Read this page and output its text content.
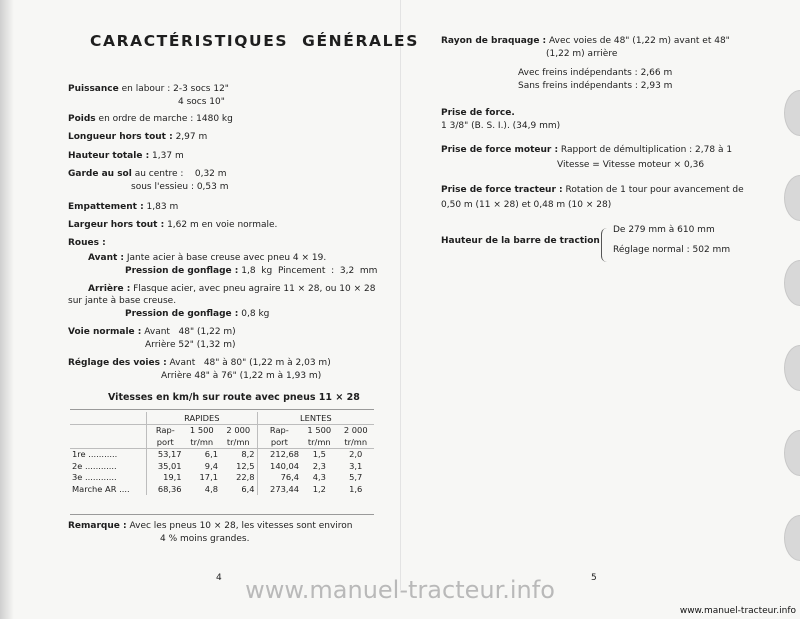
CARACTÉRISTIQUES GÉNÉRALES
Puissance en labour : 2-3 socs 12"
4 socs 10"
Poids en ordre de marche : 1480 kg
Longueur hors tout : 2,97 m
Hauteur totale : 1,37 m
Garde au sol au centre :    0,32 m
sous l'essieu : 0,53 m
Empattement : 1,83 m
Largeur hors tout : 1,62 m en voie normale.
Roues :
Avant : Jante acier à base creuse avec pneu 4 × 19.
Pression de gonflage : 1,8  kg  Pincement  :  3,2  mm
Arrière : Flasque acier, avec pneu agraire 11 × 28, ou 10 × 28
sur jante à base creuse.
Pression de gonflage : 0,8 kg
Voie normale : Avant   48" (1,22 m)
Arrière 52" (1,32 m)
Réglage des voies : Avant   48" à 80" (1,22 m à 2,03 m)
Arrière 48" à 76" (1,22 m à 1,93 m)
Vitesses en km/h sur route avec pneus 11 × 28
	RAPIDES			LENTES		
	Rap-	1 500	2 000	Rap-	1 500	2 000
	port	tr/mn	tr/mn	port	tr/mn	tr/mn
1re ...........	53,17	6,1	8,2	212,68	1,5	2,0
2e ............	35,01	9,4	12,5	140,04	2,3	3,1
3e ............	19,1	17,1	22,8	76,4	4,3	5,7
Marche AR ....	68,36	4,8	6,4	273,44	1,2	1,6
Remarque : Avec les pneus 10 × 28, les vitesses sont environ
4 % moins grandes.
4
Rayon de braquage : Avec voies de 48" (1,22 m) avant et 48"
(1,22 m) arrière
Avec freins indépendants : 2,66 m
Sans freins indépendants : 2,93 m
Prise de force.
1 3/8" (B. S. I.). (34,9 mm)
Prise de force moteur : Rapport de démultiplication : 2,78 à 1
Vitesse = Vitesse moteur × 0,36
Prise de force tracteur : Rotation de 1 tour pour avancement de
0,50 m (11 × 28) et 0,48 m (10 × 28)
Hauteur de la barre de traction
De 279 mm à 610 mm
Réglage normal : 502 mm
5
www.manuel-tracteur.info
www.manuel-tracteur.info
